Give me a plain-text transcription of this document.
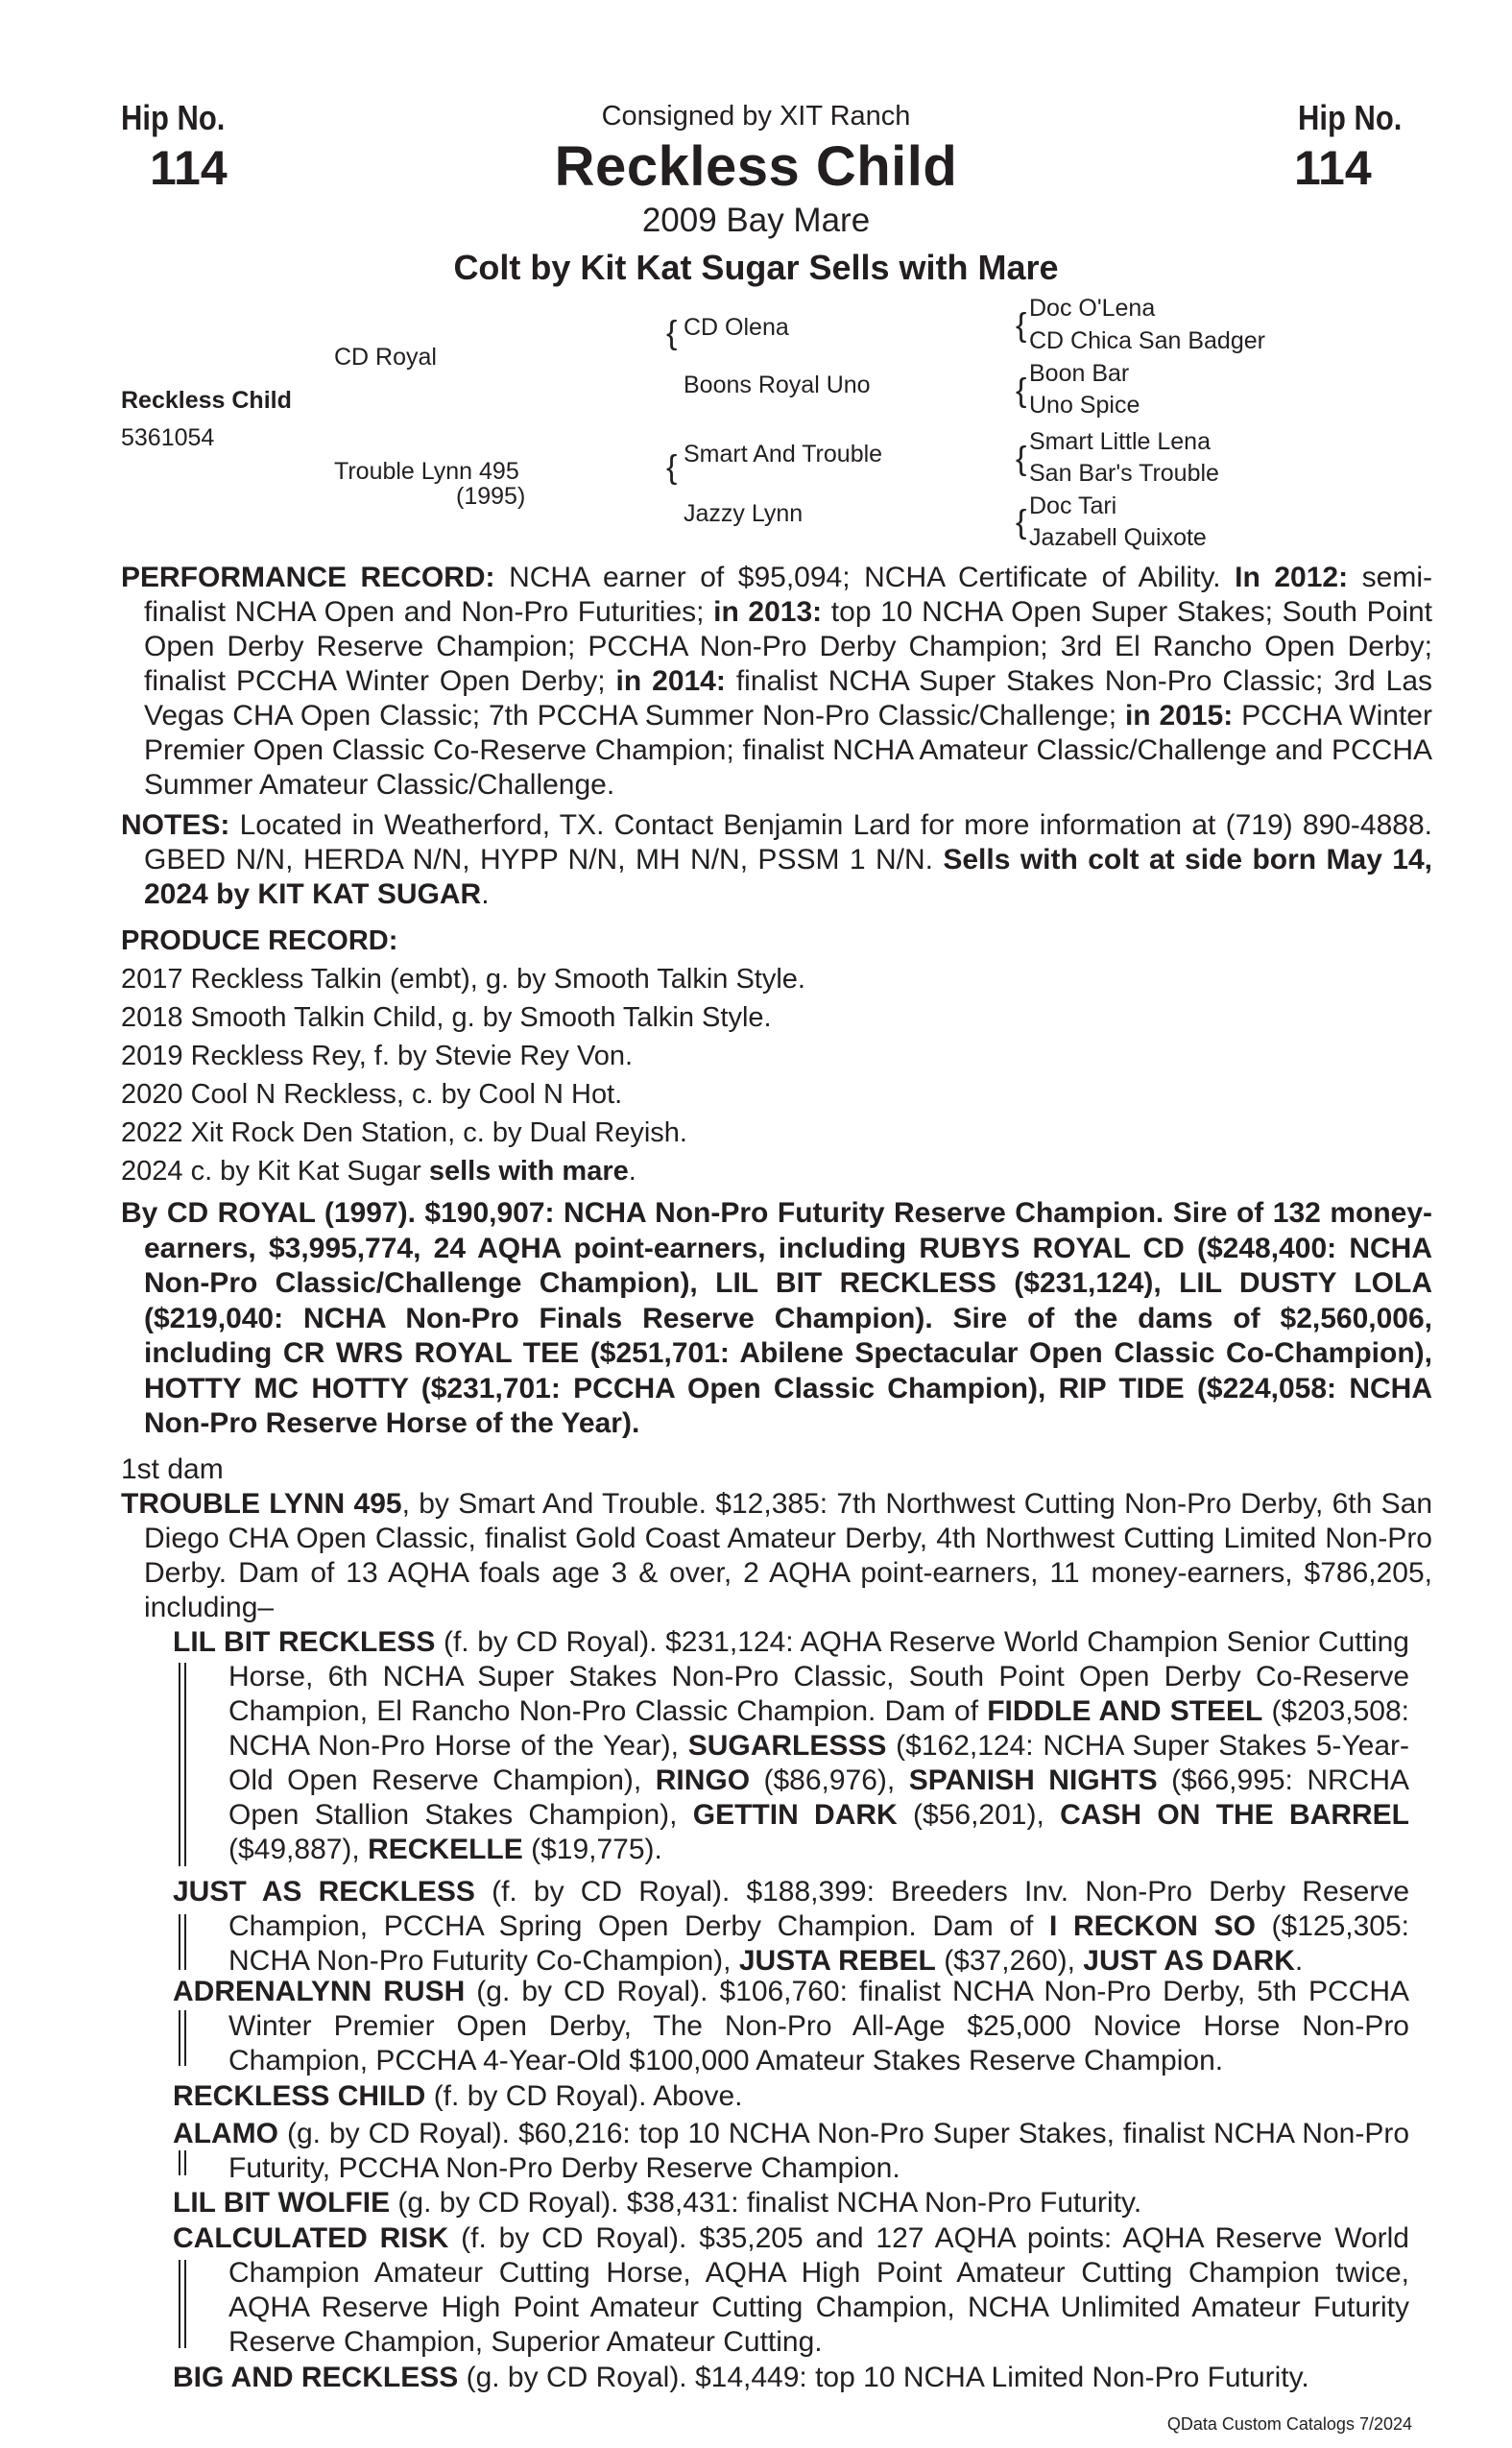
Hip No.
114
Hip No.
114
Consigned by XIT Ranch
Reckless Child
2009 Bay Mare
Colt by Kit Kat Sugar Sells with Mare
Reckless Child
5361054
CD Royal
Trouble Lynn 495
(1995)
{ CD Olena
Boons Royal Uno
{ Smart And Trouble
Jazzy Lynn
{ Doc O'Lena
CD Chica San Badger
{ Boon Bar
Uno Spice
{ Smart Little Lena
San Bar's Trouble
{ Doc Tari
Jazabell Quixote
PERFORMANCE RECORD: NCHA earner of $95,094; NCHA Certificate of Ability. In 2012: semi-finalist NCHA Open and Non-Pro Futurities; in 2013: top 10 NCHA Open Super Stakes; South Point Open Derby Reserve Champion; PCCHA Non-Pro Derby Champion; 3rd El Rancho Open Derby; finalist PCCHA Winter Open Derby; in 2014: finalist NCHA Super Stakes Non-Pro Classic; 3rd Las Vegas CHA Open Classic; 7th PCCHA Summer Non-Pro Classic/Challenge; in 2015: PCCHA Winter Premier Open Classic Co-Reserve Champion; finalist NCHA Amateur Classic/Challenge and PCCHA Summer Amateur Classic/Challenge.
NOTES: Located in Weatherford, TX. Contact Benjamin Lard for more information at (719) 890-4888. GBED N/N, HERDA N/N, HYPP N/N, MH N/N, PSSM 1 N/N. Sells with colt at side born May 14, 2024 by KIT KAT SUGAR.
PRODUCE RECORD:
2017 Reckless Talkin (embt), g. by Smooth Talkin Style.
2018 Smooth Talkin Child, g. by Smooth Talkin Style.
2019 Reckless Rey, f. by Stevie Rey Von.
2020 Cool N Reckless, c. by Cool N Hot.
2022 Xit Rock Den Station, c. by Dual Reyish.
2024 c. by Kit Kat Sugar sells with mare.
By CD ROYAL (1997). $190,907: NCHA Non-Pro Futurity Reserve Champion. Sire of 132 money-earners, $3,995,774, 24 AQHA point-earners, including RUBYS ROYAL CD ($248,400: NCHA Non-Pro Classic/Challenge Champion), LIL BIT RECKLESS ($231,124), LIL DUSTY LOLA ($219,040: NCHA Non-Pro Finals Reserve Champion). Sire of the dams of $2,560,006, including CR WRS ROYAL TEE ($251,701: Abilene Spectacular Open Classic Co-Champion), HOTTY MC HOTTY ($231,701: PCCHA Open Classic Champion), RIP TIDE ($224,058: NCHA Non-Pro Reserve Horse of the Year).
1st dam
TROUBLE LYNN 495, by Smart And Trouble. $12,385: 7th Northwest Cutting Non-Pro Derby, 6th San Diego CHA Open Classic, finalist Gold Coast Amateur Derby, 4th Northwest Cutting Limited Non-Pro Derby. Dam of 13 AQHA foals age 3 & over, 2 AQHA point-earners, 11 money-earners, $786,205, including–
LIL BIT RECKLESS (f. by CD Royal). $231,124: AQHA Reserve World Champion Senior Cutting Horse, 6th NCHA Super Stakes Non-Pro Classic, South Point Open Derby Co-Reserve Champion, El Rancho Non-Pro Classic Champion. Dam of FIDDLE AND STEEL ($203,508: NCHA Non-Pro Horse of the Year), SUGARLESSS ($162,124: NCHA Super Stakes 5-Year-Old Open Reserve Champion), RINGO ($86,976), SPANISH NIGHTS ($66,995: NRCHA Open Stallion Stakes Champion), GETTIN DARK ($56,201), CASH ON THE BARREL ($49,887), RECKELLE ($19,775).
JUST AS RECKLESS (f. by CD Royal). $188,399: Breeders Inv. Non-Pro Derby Reserve Champion, PCCHA Spring Open Derby Champion. Dam of I RECKON SO ($125,305: NCHA Non-Pro Futurity Co-Champion), JUSTA REBEL ($37,260), JUST AS DARK.
ADRENALYNN RUSH (g. by CD Royal). $106,760: finalist NCHA Non-Pro Derby, 5th PCCHA Winter Premier Open Derby, The Non-Pro All-Age $25,000 Novice Horse Non-Pro Champion, PCCHA 4-Year-Old $100,000 Amateur Stakes Reserve Champion.
RECKLESS CHILD (f. by CD Royal). Above.
ALAMO (g. by CD Royal). $60,216: top 10 NCHA Non-Pro Super Stakes, finalist NCHA Non-Pro Futurity, PCCHA Non-Pro Derby Reserve Champion.
LIL BIT WOLFIE (g. by CD Royal). $38,431: finalist NCHA Non-Pro Futurity.
CALCULATED RISK (f. by CD Royal). $35,205 and 127 AQHA points: AQHA Reserve World Champion Amateur Cutting Horse, AQHA High Point Amateur Cutting Champion twice, AQHA Reserve High Point Amateur Cutting Champion, NCHA Unlimited Amateur Futurity Reserve Champion, Superior Amateur Cutting.
BIG AND RECKLESS (g. by CD Royal). $14,449: top 10 NCHA Limited Non-Pro Futurity.
QData Custom Catalogs 7/2024
